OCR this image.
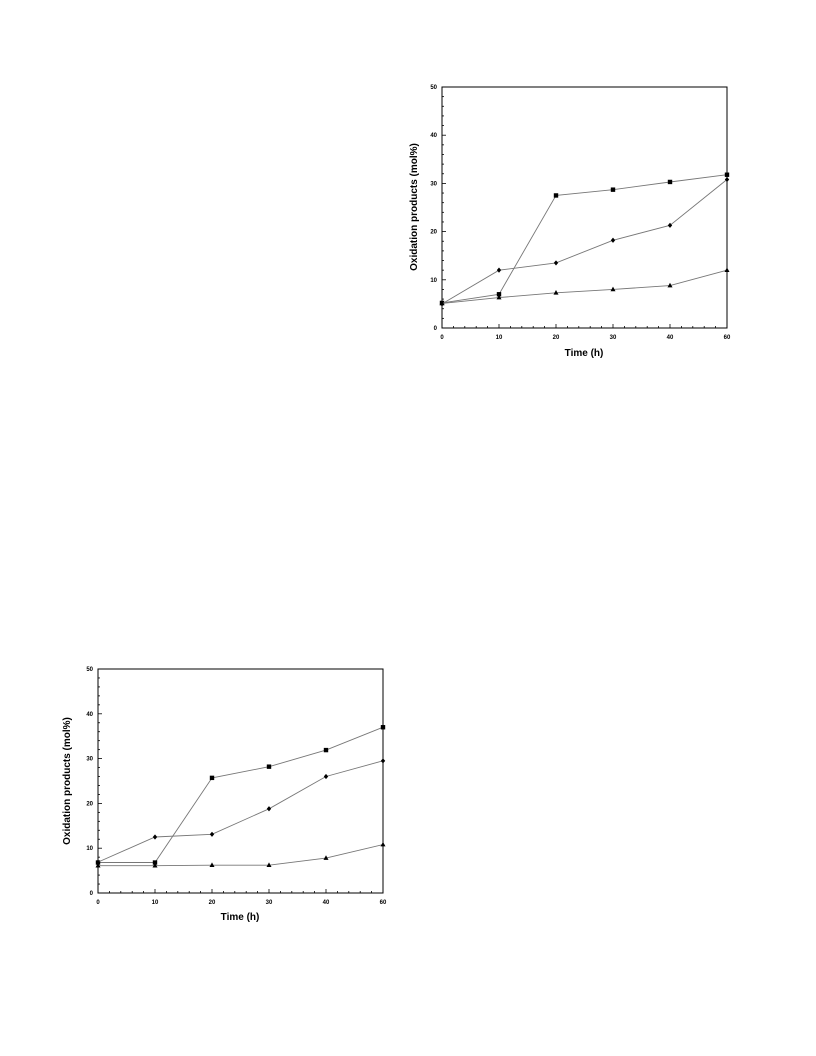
0
10
20
30
40
50
0	10	20	30	40	60
Time (h)
Oxidation products (mol%)
0
10
20
30
40
50
0	10	20	30	40	60
Time (h)
Oxidation products (mol%)
